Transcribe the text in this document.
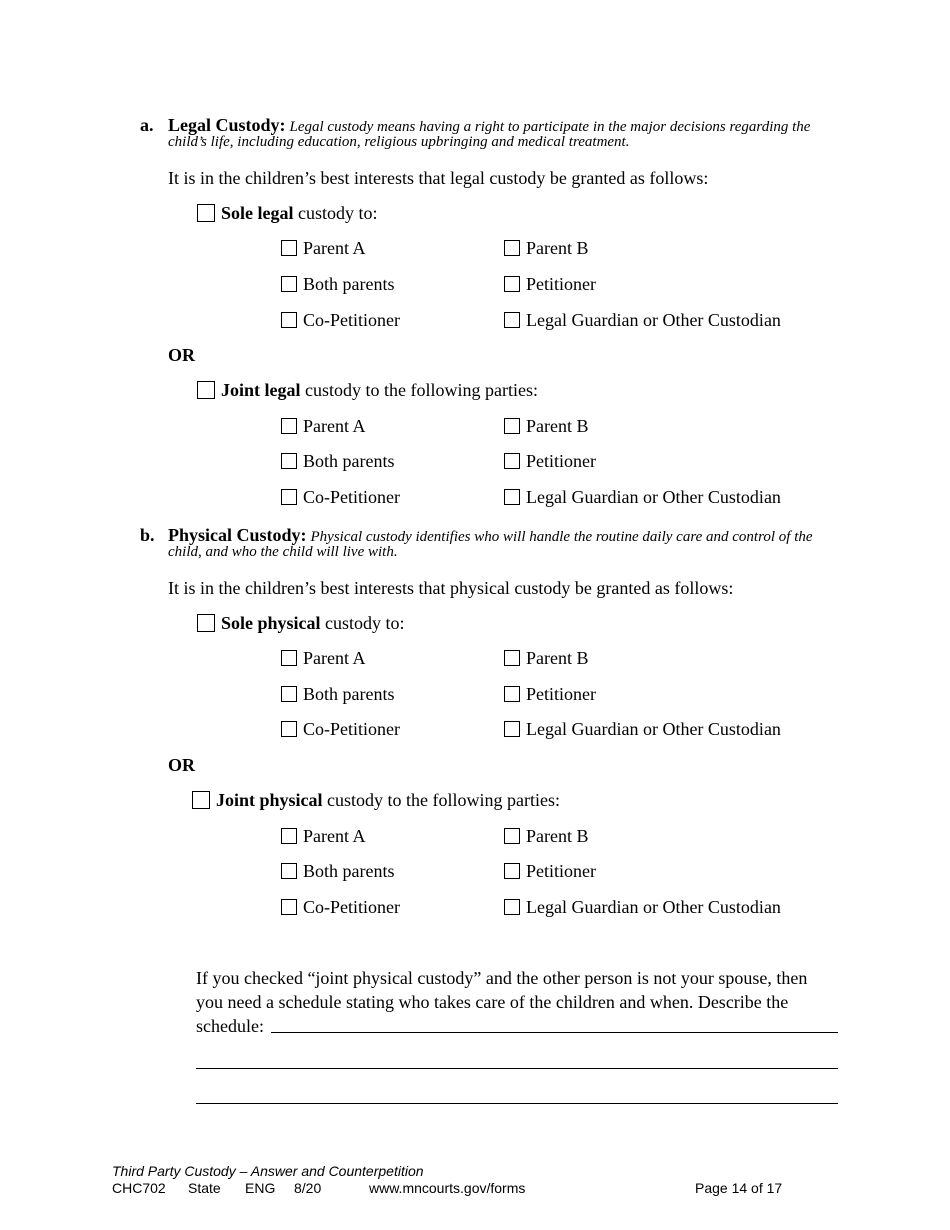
a. Legal Custody: Legal custody means having a right to participate in the major decisions regarding the
child’s life, including education, religious upbringing and medical treatment.
It is in the children’s best interests that legal custody be granted as follows:
Sole legal custody to:
Parent A	Parent B
Both parents	Petitioner
Co-Petitioner	Legal Guardian or Other Custodian
OR
Joint legal custody to the following parties:
Parent A	Parent B
Both parents	Petitioner
Co-Petitioner	Legal Guardian or Other Custodian
b. Physical Custody: Physical custody identifies who will handle the routine daily care and control of the
child, and who the child will live with.
It is in the children’s best interests that physical custody be granted as follows:
Sole physical custody to:
Parent A	Parent B
Both parents	Petitioner
Co-Petitioner	Legal Guardian or Other Custodian
OR
Joint physical custody to the following parties:
Parent A	Parent B
Both parents	Petitioner
Co-Petitioner	Legal Guardian or Other Custodian
If you checked “joint physical custody” and the other person is not your spouse, then
you need a schedule stating who takes care of the children and when. Describe the
schedule:
Third Party Custody – Answer and Counterpetition
CHC702 State ENG 8/20	www.mncourts.gov/forms	Page 14 of 17
